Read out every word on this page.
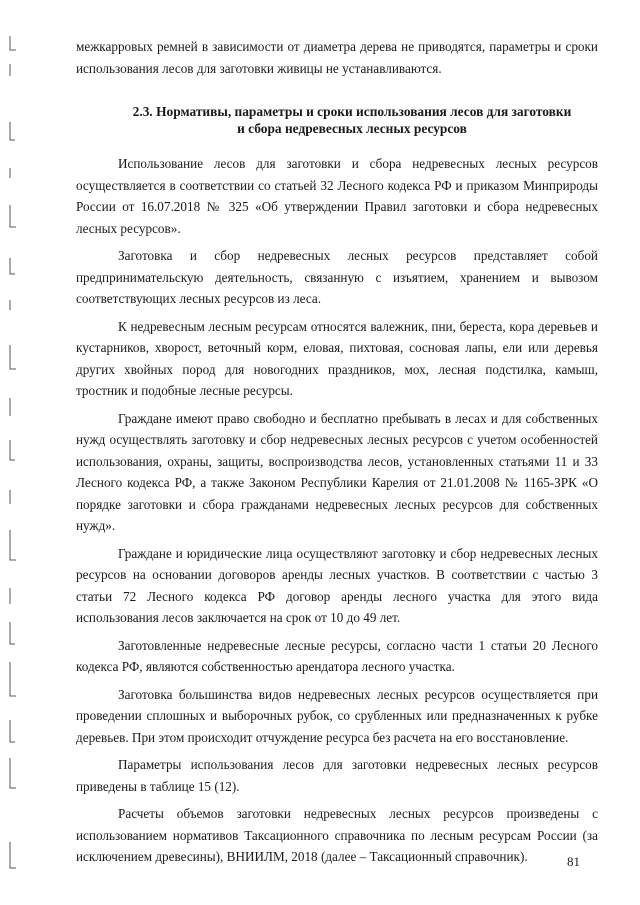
межкарровых ремней в зависимости от диаметра дерева не приводятся, параметры и сроки использования лесов для заготовки живицы не устанавливаются.

2.3. Нормативы, параметры и сроки использования лесов для заготовки
и сбора недревесных лесных ресурсов

Использование лесов для заготовки и сбора недревесных лесных ресурсов осуществляется в соответствии со статьей 32 Лесного кодекса РФ и приказом Минприроды России от 16.07.2018 № 325 «Об утверждении Правил заготовки и сбора недревесных лесных ресурсов».

Заготовка и сбор недревесных лесных ресурсов представляет собой предпринимательскую деятельность, связанную с изъятием, хранением и вывозом соответствующих лесных ресурсов из леса.

К недревесным лесным ресурсам относятся валежник, пни, береста, кора деревьев и кустарников, хворост, веточный корм, еловая, пихтовая, сосновая лапы, ели или деревья других хвойных пород для новогодних праздников, мох, лесная подстилка, камыш, тростник и подобные лесные ресурсы.

Граждане имеют право свободно и бесплатно пребывать в лесах и для собственных нужд осуществлять заготовку и сбор недревесных лесных ресурсов с учетом особенностей использования, охраны, защиты, воспроизводства лесов, установленных статьями 11 и 33 Лесного кодекса РФ, а также Законом Республики Карелия от 21.01.2008 № 1165-ЗРК «О порядке заготовки и сбора гражданами недревесных лесных ресурсов для собственных нужд».

Граждане и юридические лица осуществляют заготовку и сбор недревесных лесных ресурсов на основании договоров аренды лесных участков. В соответствии с частью 3 статьи 72 Лесного кодекса РФ договор аренды лесного участка для этого вида использования лесов заключается на срок от 10 до 49 лет.

Заготовленные недревесные лесные ресурсы, согласно части 1 статьи 20 Лесного кодекса РФ, являются собственностью арендатора лесного участка.

Заготовка большинства видов недревесных лесных ресурсов осуществляется при проведении сплошных и выборочных рубок, со срубленных или предназначенных к рубке деревьев. При этом происходит отчуждение ресурса без расчета на его восстановление.

Параметры использования лесов для заготовки недревесных лесных ресурсов приведены в таблице 15 (12).

Расчеты объемов заготовки недревесных лесных ресурсов произведены с использованием нормативов Таксационного справочника по лесным ресурсам России (за исключением древесины), ВНИИЛМ, 2018 (далее – Таксационный справочник).	81
